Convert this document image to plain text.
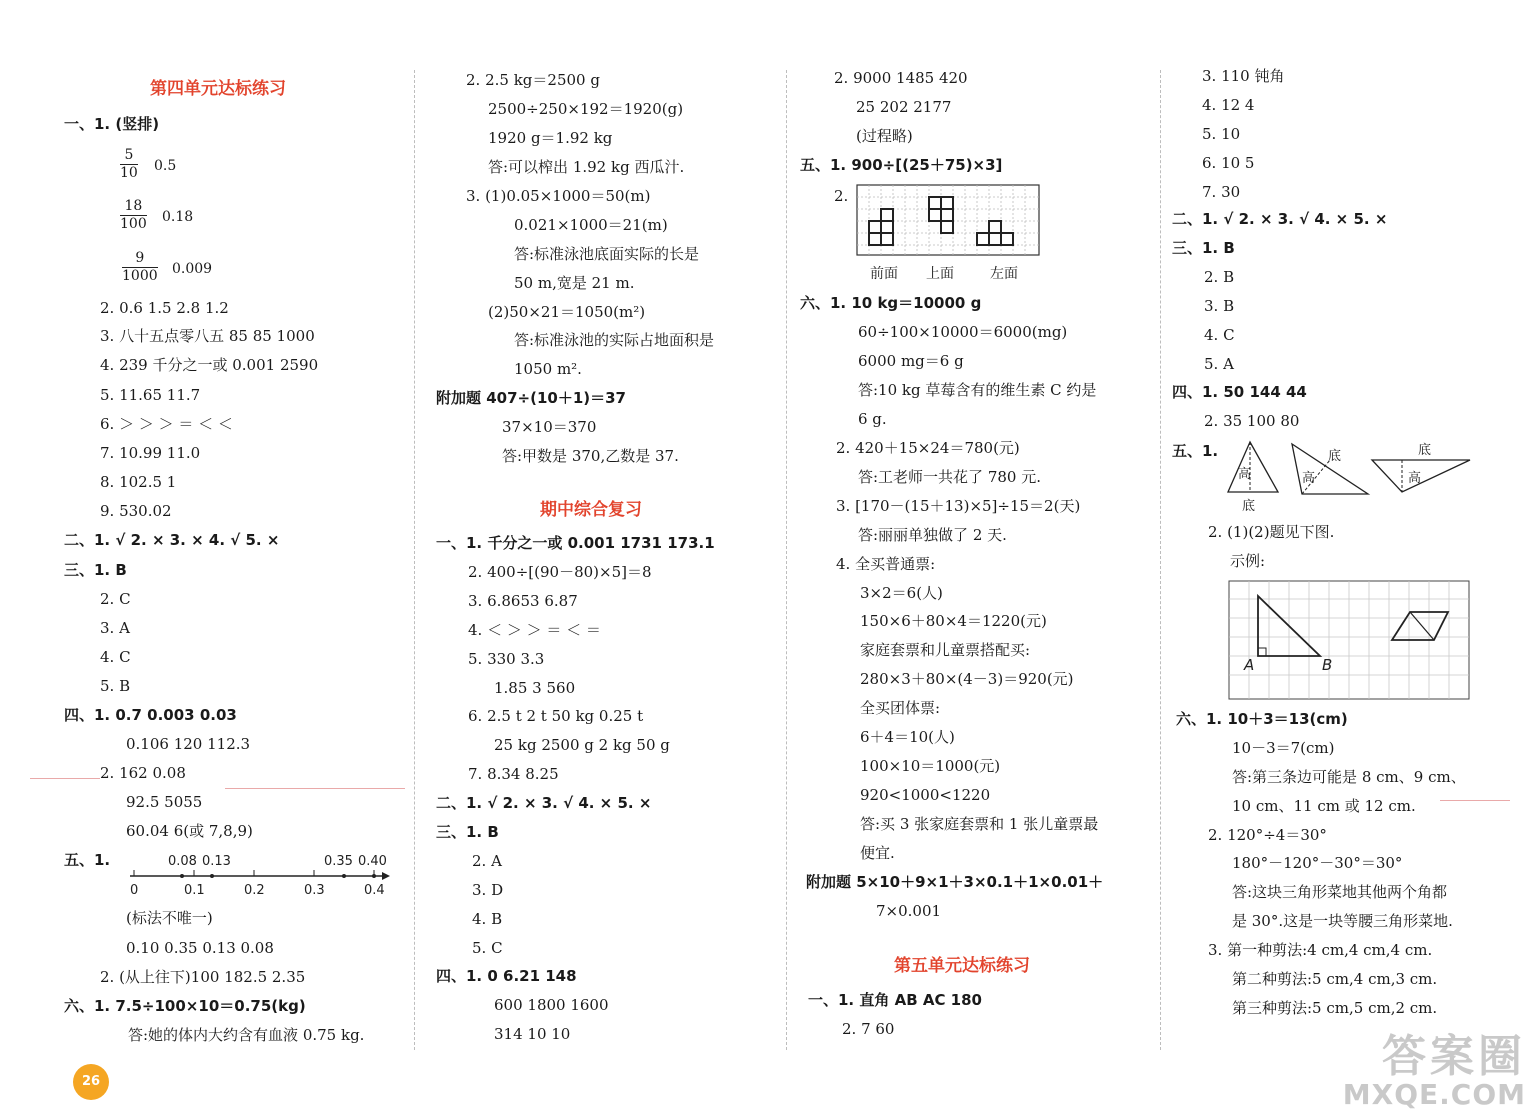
第四单元达标练习
一、1. (竖排)
5
10 0.5
18
100 0.18
9
1000 0.009
2. 0.6 1.5 2.8 1.2
3. 八十五点零八五 85 85 1000
4. 239 千分之一或 0.001 2590
5. 11.65 11.7
6. ＞ ＞ ＞ ＝ ＜ ＜
7. 10.99 11.0
8. 102.5 1
9. 530.02
二、1. √ 2. × 3. × 4. √ 5. ×
三、1. B
2. C
3. A
4. C
5. B
四、1. 0.7 0.003 0.03
0.106 120 112.3
2. 162 0.08
92.5 5055
60.04 6(或 7,8,9)
五、1.	0.08 0.13	0.35 0.40
0	0.1	0.2	0.3	0.4
(标法不唯一)
0.10 0.35 0.13 0.08
2. (从上往下)100 182.5 2.35
六、1. 7.5÷100×10＝0.75(kg)
答:她的体内大约含有血液 0.75 kg.
2. 2.5 kg＝2500 g
2500÷250×192＝1920(g)
1920 g＝1.92 kg
答:可以榨出 1.92 kg 西瓜汁.
3. (1)0.05×1000＝50(m)
0.021×1000＝21(m)
答:标准泳池底面实际的长是
50 m,宽是 21 m.
(2)50×21＝1050(m²)
答:标准泳池的实际占地面积是
1050 m².
附加题 407÷(10＋1)＝37
37×10＝370
答:甲数是 370,乙数是 37.
期中综合复习
一、1. 千分之一或 0.001 1731 173.1
2. 400÷[(90－80)×5]＝8
3. 6.8653 6.87
4. ＜ ＞ ＞ ＝ ＜ ＝
5. 330 3.3
1.85 3 560
6. 2.5 t 2 t 50 kg 0.25 t
25 kg 2500 g 2 kg 50 g
7. 8.34 8.25
二、1. √ 2. × 3. √ 4. × 5. ×
三、1. B
2. A
3. D
4. B
5. C
四、1. 0 6.21 148
600 1800 1600
314 10 10
2. 9000 1485 420
25 202 2177
(过程略)
五、1. 900÷[(25＋75)×3]
2.
前面 上面	左面
六、1. 10 kg＝10000 g
60÷100×10000＝6000(mg)
6000 mg＝6 g
答:10 kg 草莓含有的维生素 C 约是
6 g.
2. 420＋15×24＝780(元)
答:工老师一共花了 780 元.
3. [170－(15＋13)×5]÷15＝2(天)
答:丽丽单独做了 2 天.
4. 全买普通票:
3×2＝6(人)
150×6＋80×4＝1220(元)
家庭套票和儿童票搭配买:
280×3＋80×(4－3)＝920(元)
全买团体票:
6＋4＝10(人)
100×10＝1000(元)
920<1000<1220
答:买 3 张家庭套票和 1 张儿童票最
便宜.
附加题 5×10＋9×1＋3×0.1＋1×0.01＋
7×0.001
第五单元达标练习
一、1. 直角 AB AC 180
2. 7 60
3. 110 钝角
4. 12 4
5. 10
6. 10 5
7. 30
二、1. √ 2. × 3. √ 4. × 5. ×
三、1. B
2. B
3. B
4. C
5. A
四、1. 50 144 44
2. 35 100 80
五、1.
高
底
底
高
底
高
2. (1)(2)题见下图.
示例:
A	B
六、1. 10＋3＝13(cm)
10－3＝7(cm)
答:第三条边可能是 8 cm、9 cm、
10 cm、11 cm 或 12 cm.
2. 120°÷4＝30°
180°－120°－30°＝30°
答:这块三角形菜地其他两个角都
是 30°.这是一块等腰三角形菜地.
3. 第一种剪法:4 cm,4 cm,4 cm.
第二种剪法:5 cm,4 cm,3 cm.
第三种剪法:5 cm,5 cm,2 cm.
26	答案圈
MXQE.COM
